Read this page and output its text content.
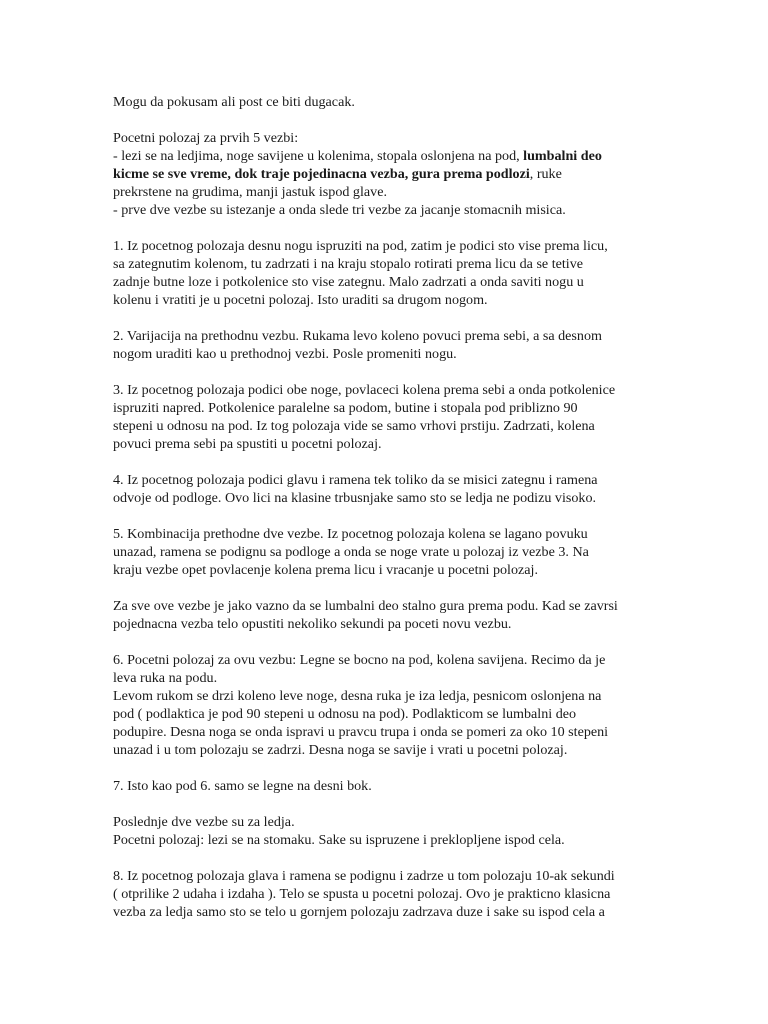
Mogu da pokusam ali post ce biti dugacak.

Pocetni polozaj za prvih 5 vezbi:
- lezi se na ledjima, noge savijene u kolenima, stopala oslonjena na pod, lumbalni deo
kicme se sve vreme, dok traje pojedinacna vezba, gura prema podlozi, ruke
prekrstene na grudima, manji jastuk ispod glave.
- prve dve vezbe su istezanje a onda slede tri vezbe za jacanje stomacnih misica.

1. Iz pocetnog polozaja desnu nogu ispruziti na pod, zatim je podici sto vise prema licu,
sa zategnutim kolenom, tu zadrzati i na kraju stopalo rotirati prema licu da se tetive
zadnje butne loze i potkolenice sto vise zategnu. Malo zadrzati a onda saviti nogu u
kolenu i vratiti je u pocetni polozaj. Isto uraditi sa drugom nogom.

2. Varijacija na prethodnu vezbu. Rukama levo koleno povuci prema sebi, a sa desnom
nogom uraditi kao u prethodnoj vezbi. Posle promeniti nogu.

3. Iz pocetnog polozaja podici obe noge, povlaceci kolena prema sebi a onda potkolenice
ispruziti napred. Potkolenice paralelne sa podom, butine i stopala pod priblizno 90
stepeni u odnosu na pod. Iz tog polozaja vide se samo vrhovi prstiju. Zadrzati, kolena
povuci prema sebi pa spustiti u pocetni polozaj.

4. Iz pocetnog polozaja podici glavu i ramena tek toliko da se misici zategnu i ramena
odvoje od podloge. Ovo lici na klasine trbusnjake samo sto se ledja ne podizu visoko.

5. Kombinacija prethodne dve vezbe. Iz pocetnog polozaja kolena se lagano povuku
unazad, ramena se podignu sa podloge a onda se noge vrate u polozaj iz vezbe 3. Na
kraju vezbe opet povlacenje kolena prema licu i vracanje u pocetni polozaj.

Za sve ove vezbe je jako vazno da se lumbalni deo stalno gura prema podu. Kad se zavrsi
pojednacna vezba telo opustiti nekoliko sekundi pa poceti novu vezbu.

6. Pocetni polozaj za ovu vezbu: Legne se bocno na pod, kolena savijena. Recimo da je
leva ruka na podu.
Levom rukom se drzi koleno leve noge, desna ruka je iza ledja, pesnicom oslonjena na
pod ( podlaktica je pod 90 stepeni u odnosu na pod). Podlakticom se lumbalni deo
podupire. Desna noga se onda ispravi u pravcu trupa i onda se pomeri za oko 10 stepeni
unazad i u tom polozaju se zadrzi. Desna noga se savije i vrati u pocetni polozaj.

7. Isto kao pod 6. samo se legne na desni bok.

Poslednje dve vezbe su za ledja.
Pocetni polozaj: lezi se na stomaku. Sake su ispruzene i preklopljene ispod cela.

8. Iz pocetnog polozaja glava i ramena se podignu i zadrze u tom polozaju 10-ak sekundi
( otprilike 2 udaha i izdaha ). Telo se spusta u pocetni polozaj. Ovo je prakticno klasicna
vezba za ledja samo sto se telo u gornjem polozaju zadrzava duze i sake su ispod cela a
